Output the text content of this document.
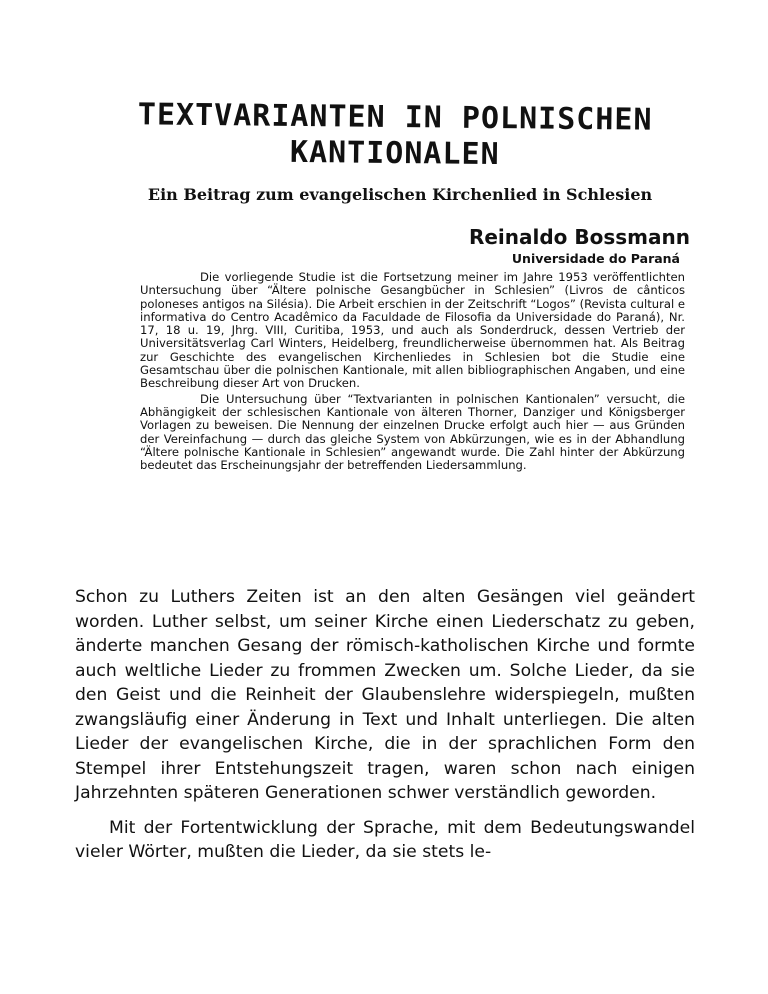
TEXTVARIANTEN IN POLNISCHEN
KANTIONALEN
Ein Beitrag zum evangelischen Kirchenlied in Schlesien
Reinaldo Bossmann
Universidade do Paraná

Die vorliegende Studie ist die Fortsetzung meiner im Jahre 1953 veröffentlichten Untersuchung über “Ältere polnische Gesangbücher in Schlesien” (Livros de cânticos poloneses antigos na Silésia). Die Arbeit erschien in der Zeitschrift “Logos” (Revista cultural e informativa do Centro Acadêmico da Faculdade de Filosofia da Universidade do Paraná), Nr. 17, 18 u. 19, Jhrg. VIII, Curitiba, 1953, und auch als Sonderdruck, dessen Vertrieb der Universitätsverlag Carl Winters, Heidelberg, freundlicherweise übernommen hat. Als Beitrag zur Geschichte des evangelischen Kirchenliedes in Schlesien bot die Studie eine Gesamtschau über die polnischen Kantionale, mit allen bibliographischen Angaben, und eine Beschreibung dieser Art von Drucken.

Die Untersuchung über “Textvarianten in polnischen Kantionalen” versucht, die Abhängigkeit der schlesischen Kantionale von älteren Thorner, Danziger und Königsberger Vorlagen zu beweisen. Die Nennung der einzelnen Drucke erfolgt auch hier — aus Gründen der Vereinfachung — durch das gleiche System von Abkürzungen, wie es in der Abhandlung “Ältere polnische Kantionale in Schlesien” angewandt wurde. Die Zahl hinter der Abkürzung bedeutet das Erscheinungsjahr der betreffenden Liedersammlung.

Schon zu Luthers Zeiten ist an den alten Gesängen viel geändert worden. Luther selbst, um seiner Kirche einen Liederschatz zu geben, änderte manchen Gesang der römisch-katholischen Kirche und formte auch weltliche Lieder zu frommen Zwecken um. Solche Lieder, da sie den Geist und die Reinheit der Glaubenslehre widerspiegeln, mußten zwangsläufig einer Änderung in Text und Inhalt unterliegen. Die alten Lieder der evangelischen Kirche, die in der sprachlichen Form den Stempel ihrer Entstehungszeit tragen, waren schon nach einigen Jahrzehnten späteren Generationen schwer verständlich geworden.

Mit der Fortentwicklung der Sprache, mit dem Bedeutungswandel vieler Wörter, mußten die Lieder, da sie stets le-
